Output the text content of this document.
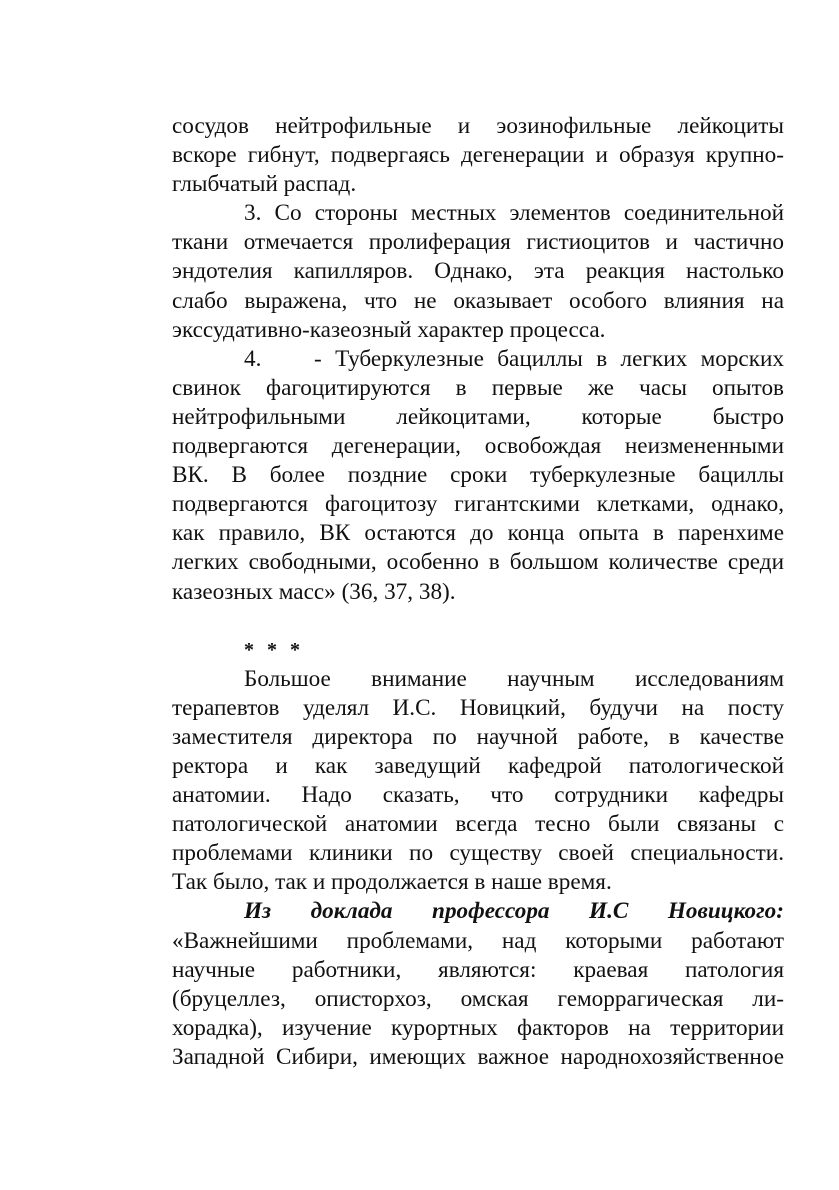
сосудов нейтрофильные и эозинофильные лейкоциты
вскоре гибнут, подвергаясь дегенерации и образуя крупно-
глыбчатый распад.
3. Со стороны местных элементов соединительной
ткани отмечается пролиферация гистиоцитов и частично
эндотелия капилляров. Однако, эта реакция настолько
слабо выражена, что не оказывает особого влияния на
экссудативно-казеозный характер процесса.
4.	- Туберкулезные бациллы в легких морских
свинок фагоцитируются в первые же часы опытов
нейтрофильными лейкоцитами, которые быстро
подвергаются дегенерации, освобождая неизмененными
ВК. В более поздние сроки туберкулезные бациллы
подвергаются фагоцитозу гигантскими клетками, однако,
как правило, ВК остаются до конца опыта в паренхиме
легких свободными, особенно в большом количестве среди
казеозных масс» (36, 37, 38).
* * *
Большое внимание научным исследованиям
терапевтов уделял И.С. Новицкий, будучи на посту
заместителя директора по научной работе, в качестве
ректора и как заведущий кафедрой патологической
анатомии. Надо сказать, что сотрудники кафедры
патологической анатомии всегда тесно были связаны с
проблемами клиники по существу своей специальности.
Так было, так и продолжается в наше время.
Из доклада профессора И.С Новицкого:
«Важнейшими проблемами, над которыми работают
научные работники, являются: краевая патология
(бруцеллез, описторхоз, омская геморрагическая ли-
хорадка), изучение курортных факторов на территории
Западной Сибири, имеющих важное народнохозяйственное
